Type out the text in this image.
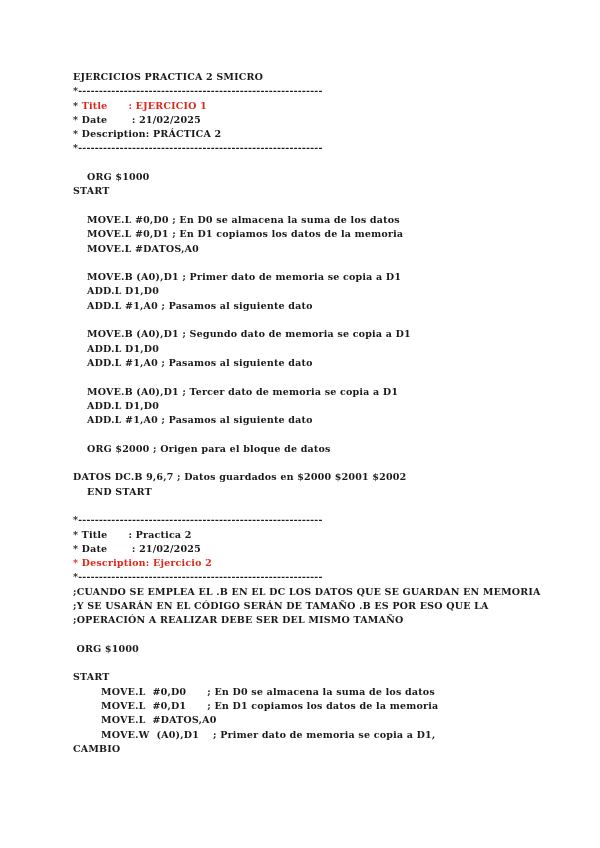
EJERCICIOS PRACTICA 2 SMICRO
*-----------------------------------------------------------
* Title      : EJERCICIO 1
* Date       : 21/02/2025
* Description: PRÁCTICA 2
*-----------------------------------------------------------
ORG $1000
START
MOVE.L #0,D0 ; En D0 se almacena la suma de los datos
MOVE.L #0,D1 ; En D1 copiamos los datos de la memoria
MOVE.L #DATOS,A0
MOVE.B (A0),D1 ; Primer dato de memoria se copia a D1
ADD.L D1,D0
ADD.L #1,A0 ; Pasamos al siguiente dato
MOVE.B (A0),D1 ; Segundo dato de memoria se copia a D1
ADD.L D1,D0
ADD.L #1,A0 ; Pasamos al siguiente dato
MOVE.B (A0),D1 ; Tercer dato de memoria se copia a D1
ADD.L D1,D0
ADD.L #1,A0 ; Pasamos al siguiente dato
ORG $2000 ; Origen para el bloque de datos
DATOS DC.B 9,6,7 ; Datos guardados en $2000 $2001 $2002
END START
*-----------------------------------------------------------
* Title      : Practica 2
* Date       : 21/02/2025
* Description: Ejercicio 2
*-----------------------------------------------------------
;CUANDO SE EMPLEA EL .B EN EL DC LOS DATOS QUE SE GUARDAN EN MEMORIA
;Y SE USARÁN EN EL CÓDIGO SERÁN DE TAMAÑO .B ES POR ESO QUE LA
;OPERACIÓN A REALIZAR DEBE SER DEL MISMO TAMAÑO
ORG $1000
START
MOVE.L  #0,D0      ; En D0 se almacena la suma de los datos
MOVE.L  #0,D1      ; En D1 copiamos los datos de la memoria
MOVE.L  #DATOS,A0
MOVE.W  (A0),D1    ; Primer dato de memoria se copia a D1,
CAMBIO
